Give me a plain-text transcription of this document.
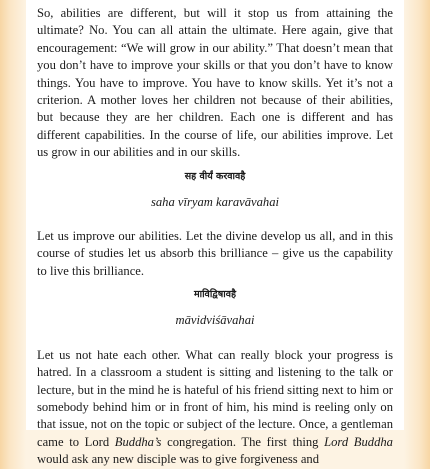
So, abilities are different, but will it stop us from attaining the ultimate? No. You can all attain the ultimate. Here again, give that encouragement: “We will grow in our ability.” That doesn’t mean that you don’t have to improve your skills or that you don’t have to know things. You have to improve. You have to know skills. Yet it’s not a criterion. A mother loves her children not because of their abilities, but because they are her children. Each one is different and has different capabilities. In the course of life, our abilities improve. Let us grow in our abilities and in our skills.

सह वीर्यं करवावहै

saha vīryam karavāvahai

Let us improve our abilities. Let the divine develop us all, and in this course of studies let us absorb this brilliance – give us the capability to live this brilliance.

माविद्विषावहै

māvidviśāvahai

Let us not hate each other. What can really block your progress is hatred. In a classroom a student is sitting and listening to the talk or lecture, but in the mind he is hateful of his friend sitting next to him or somebody behind him or in front of him, his mind is reeling only on that issue, not on the topic or subject of the lecture. Once, a gentleman came to Lord Buddha’s congregation. The first thing Lord Buddha would ask any new disciple was to give forgiveness and
